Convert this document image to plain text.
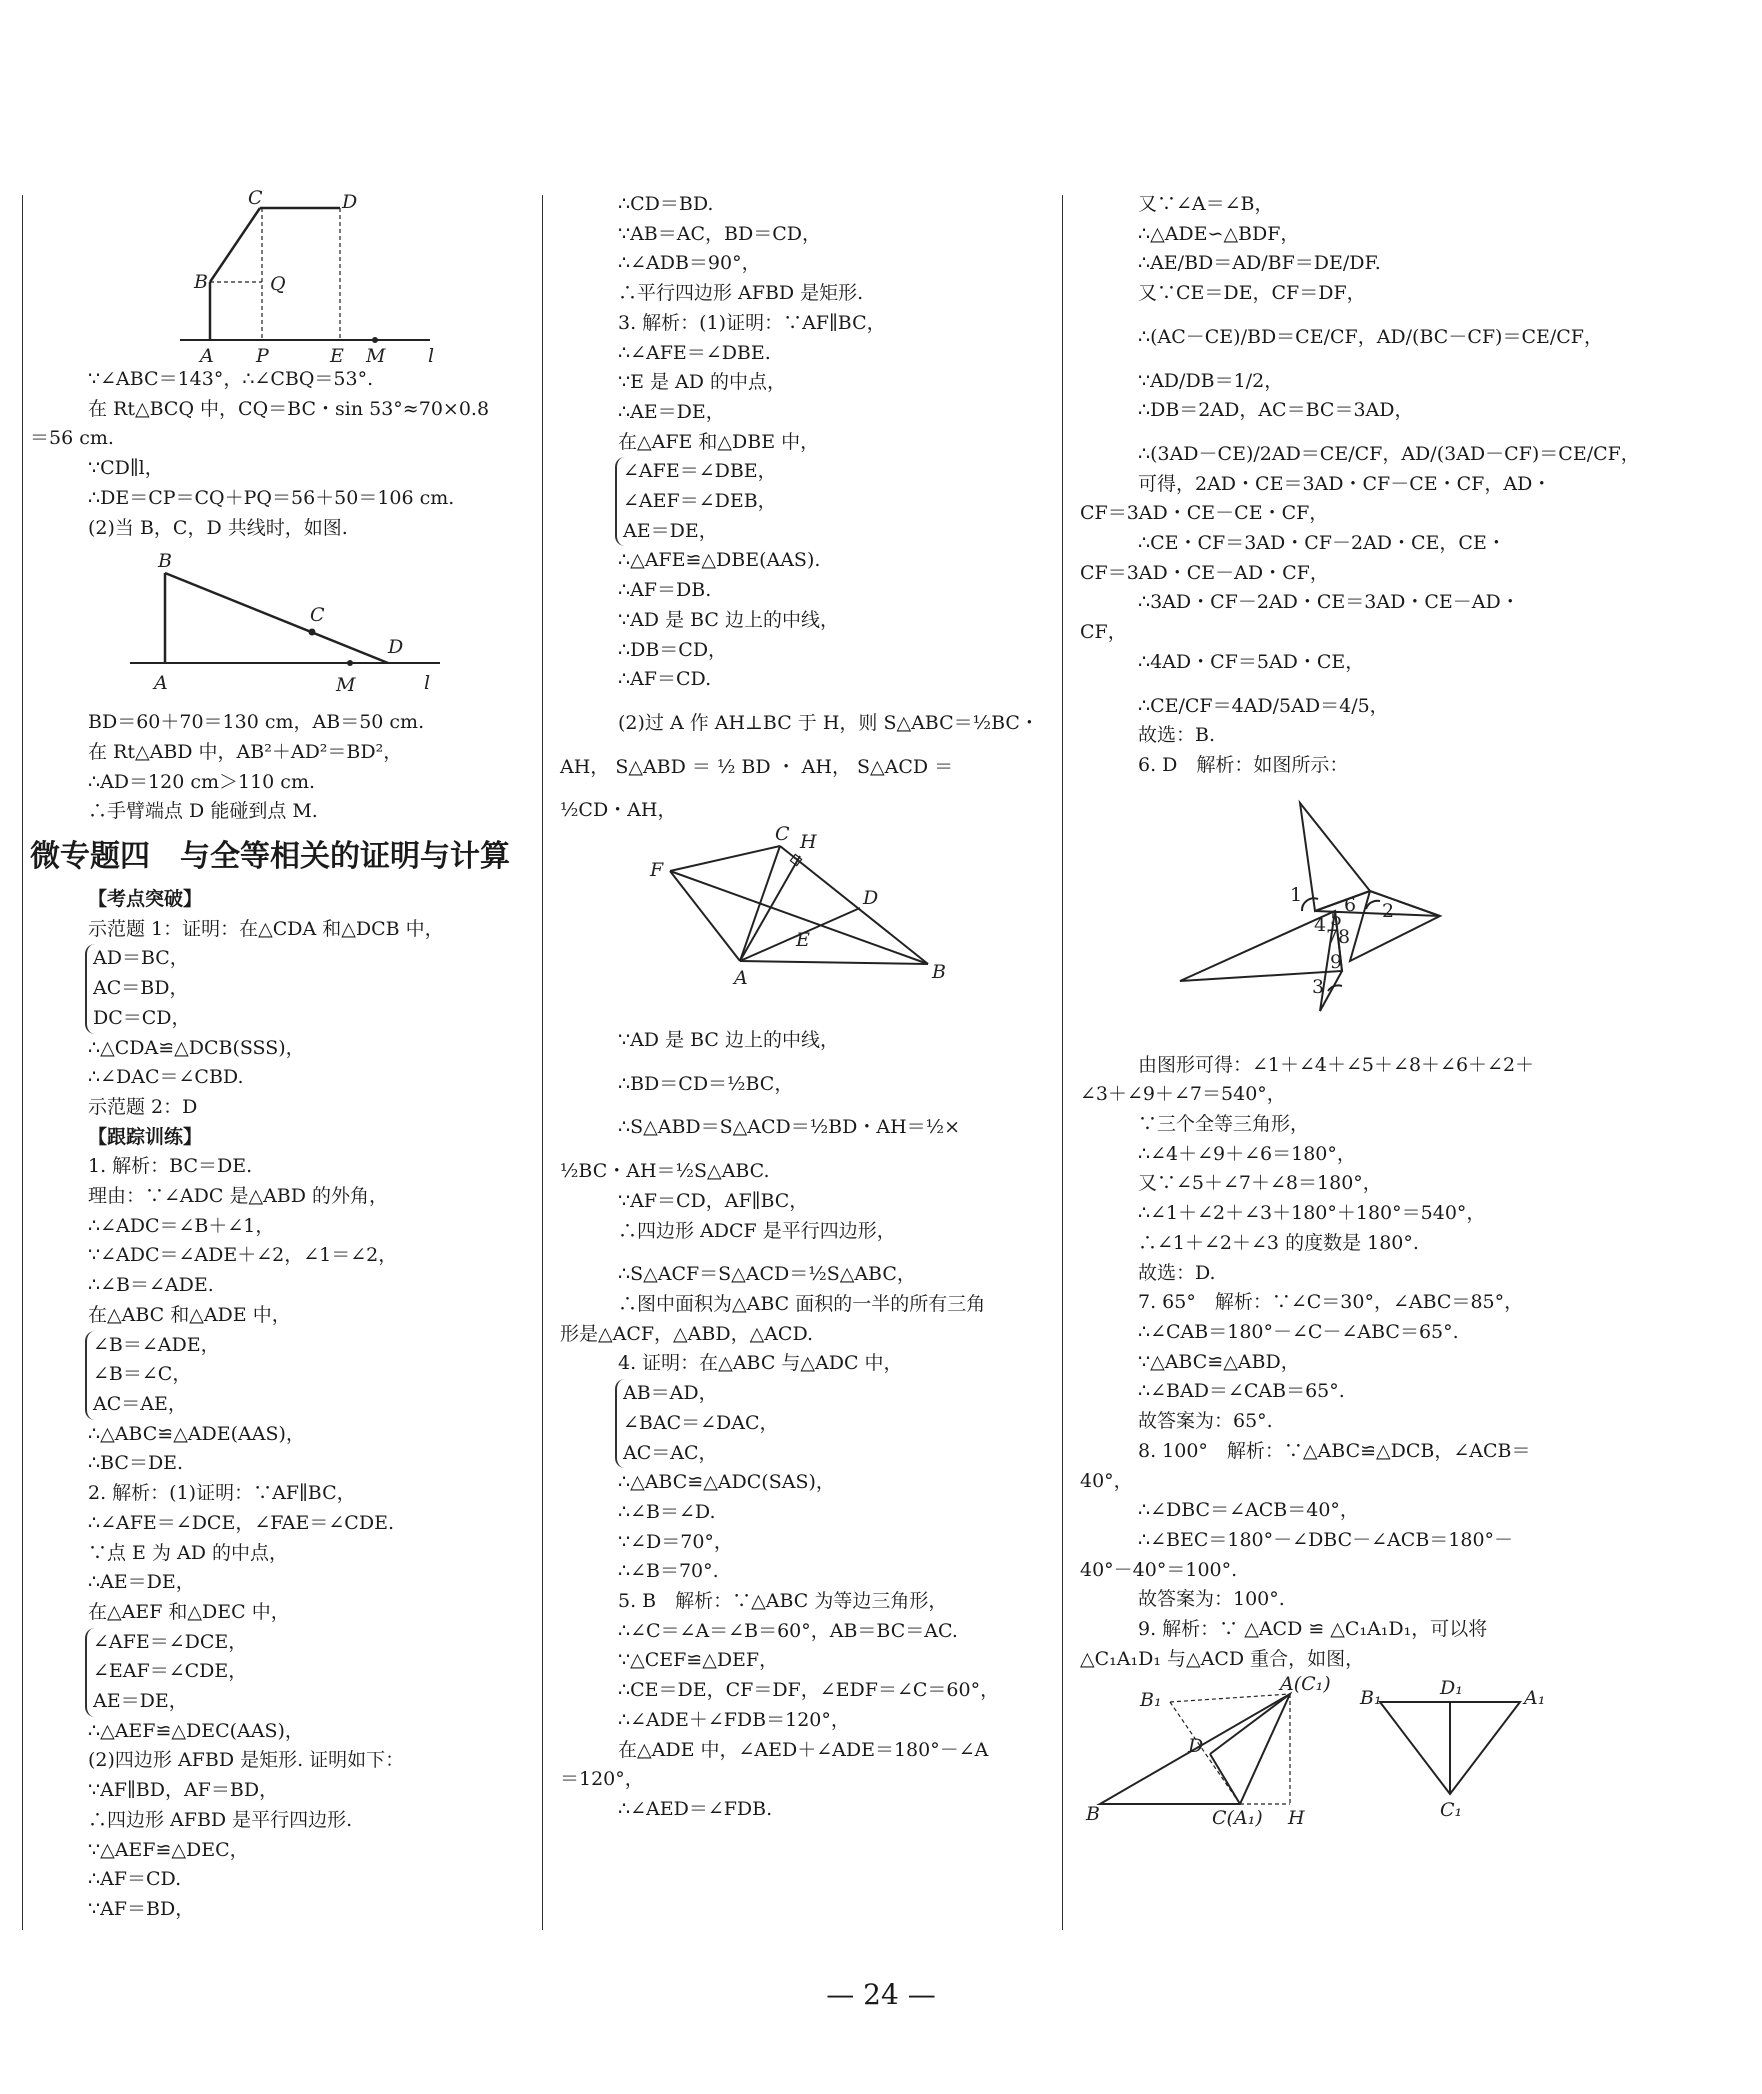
C	D
B	Q
A P	E M l
∵∠ABC＝143°，∴∠CBQ＝53°.
在 Rt△BCQ 中，CQ＝BC・sin 53°≈70×0.8
＝56 cm.
∵CD∥l，
∴DE＝CP＝CQ＋PQ＝56＋50＝106 cm.
(2)当 B，C，D 共线时，如图.
B
C
D
A	M	l
BD＝60＋70＝130 cm，AB＝50 cm.
在 Rt△ABD 中，AB²＋AD²＝BD²，
∴AD＝120 cm＞110 cm.
∴手臂端点 D 能碰到点 M.
微专题四　与全等相关的证明与计算
【考点突破】
示范题 1：证明：在△CDA 和△DCB 中，
AD＝BC，
AC＝BD，
DC＝CD，
∴△CDA≌△DCB(SSS)，
∴∠DAC＝∠CBD.
示范题 2：D
【跟踪训练】
1. 解析：BC＝DE.
理由：∵∠ADC 是△ABD 的外角，
∴∠ADC＝∠B＋∠1，
∵∠ADC＝∠ADE＋∠2，∠1＝∠2，
∴∠B＝∠ADE.
在△ABC 和△ADE 中，
∠B＝∠ADE，
∠B＝∠C，
AC＝AE，
∴△ABC≌△ADE(AAS)，
∴BC＝DE.
2. 解析：(1)证明：∵AF∥BC，
∴∠AFE＝∠DCE，∠FAE＝∠CDE.
∵点 E 为 AD 的中点，
∴AE＝DE，
在△AEF 和△DEC 中，
∠AFE＝∠DCE，
∠EAF＝∠CDE，
AE＝DE，
∴△AEF≌△DEC(AAS)，
(2)四边形 AFBD 是矩形. 证明如下：
∵AF∥BD，AF＝BD，
∴四边形 AFBD 是平行四边形.
∵△AEF≌△DEC，
∴AF＝CD.
∵AF＝BD，
∴CD＝BD.
∵AB＝AC，BD＝CD，
∴∠ADB＝90°，
∴平行四边形 AFBD 是矩形.
3. 解析：(1)证明：∵AF∥BC，
∴∠AFE＝∠DBE.
∵E 是 AD 的中点，
∴AE＝DE，
在△AFE 和△DBE 中，
∠AFE＝∠DBE，
∠AEF＝∠DEB，
AE＝DE，
∴△AFE≌△DBE(AAS).
∴AF＝DB.
∵AD 是 BC 边上的中线，
∴DB＝CD，
∴AF＝CD.
(2)过 A 作 AH⊥BC 于 H，则 S△ABC＝½BC・
AH， S△ABD ＝ ½ BD ・ AH， S△ACD ＝
½CD・AH，
C H
F
D
E
A	B
∵AD 是 BC 边上的中线，
∴BD＝CD＝½BC，
∴S△ABD＝S△ACD＝½BD・AH＝½×
½BC・AH＝½S△ABC.
∵AF＝CD，AF∥BC，
∴四边形 ADCF 是平行四边形，
∴S△ACF＝S△ACD＝½S△ABC，
∴图中面积为△ABC 面积的一半的所有三角
形是△ACF，△ABD，△ACD.
4. 证明：在△ABC 与△ADC 中，
AB＝AD，
∠BAC＝∠DAC，
AC＝AC，
∴△ABC≌△ADC(SAS)，
∴∠B＝∠D.
∵∠D＝70°，
∴∠B＝70°.
5. B　解析：∵△ABC 为等边三角形，
∴∠C＝∠A＝∠B＝60°，AB＝BC＝AC.
∵△CEF≌△DEF，
∴CE＝DE，CF＝DF，∠EDF＝∠C＝60°，
∴∠ADE＋∠FDB＝120°，
在△ADE 中，∠AED＋∠ADE＝180°－∠A
＝120°，
∴∠AED＝∠FDB.
又∵∠A＝∠B，
∴△ADE∽△BDF，
∴AE/BD＝AD/BF＝DE/DF.
又∵CE＝DE，CF＝DF，
∴(AC－CE)/BD＝CE/CF，AD/(BC－CF)＝CE/CF，
∵AD/DB＝1/2，
∴DB＝2AD，AC＝BC＝3AD，
∴(3AD－CE)/2AD＝CE/CF，AD/(3AD－CF)＝CE/CF，
可得，2AD・CE＝3AD・CF－CE・CF，AD・
CF＝3AD・CE－CE・CF，
∴CE・CF＝3AD・CF－2AD・CE，CE・
CF＝3AD・CE－AD・CF，
∴3AD・CF－2AD・CE＝3AD・CE－AD・
CF，
∴4AD・CF＝5AD・CE，
∴CE/CF＝4AD/5AD＝4/5，
故选：B.
6. D　解析：如图所示：
1 6 2
4 5
7 8
9
3
由图形可得：∠1＋∠4＋∠5＋∠8＋∠6＋∠2＋
∠3＋∠9＋∠7＝540°，
∵三个全等三角形，
∴∠4＋∠9＋∠6＝180°，
又∵∠5＋∠7＋∠8＝180°，
∴∠1＋∠2＋∠3＋180°＋180°＝540°，
∴∠1＋∠2＋∠3 的度数是 180°.
故选：D.
7. 65°　解析：∵∠C＝30°，∠ABC＝85°，
∴∠CAB＝180°－∠C－∠ABC＝65°.
∵△ABC≌△ABD，
∴∠BAD＝∠CAB＝65°.
故答案为：65°.
8. 100°　解析：∵△ABC≌△DCB，∠ACB＝
40°，
∴∠DBC＝∠ACB＝40°，
∴∠BEC＝180°－∠DBC－∠ACB＝180°－
40°－40°＝100°.
故答案为：100°.
9. 解析：∵ △ACD ≌ △C₁A₁D₁，可以将
△C₁A₁D₁ 与△ACD 重合，如图，
A(C₁)
B₁
D
B	C(A₁) H
B₁	D₁	A₁
C₁
— 24 —
